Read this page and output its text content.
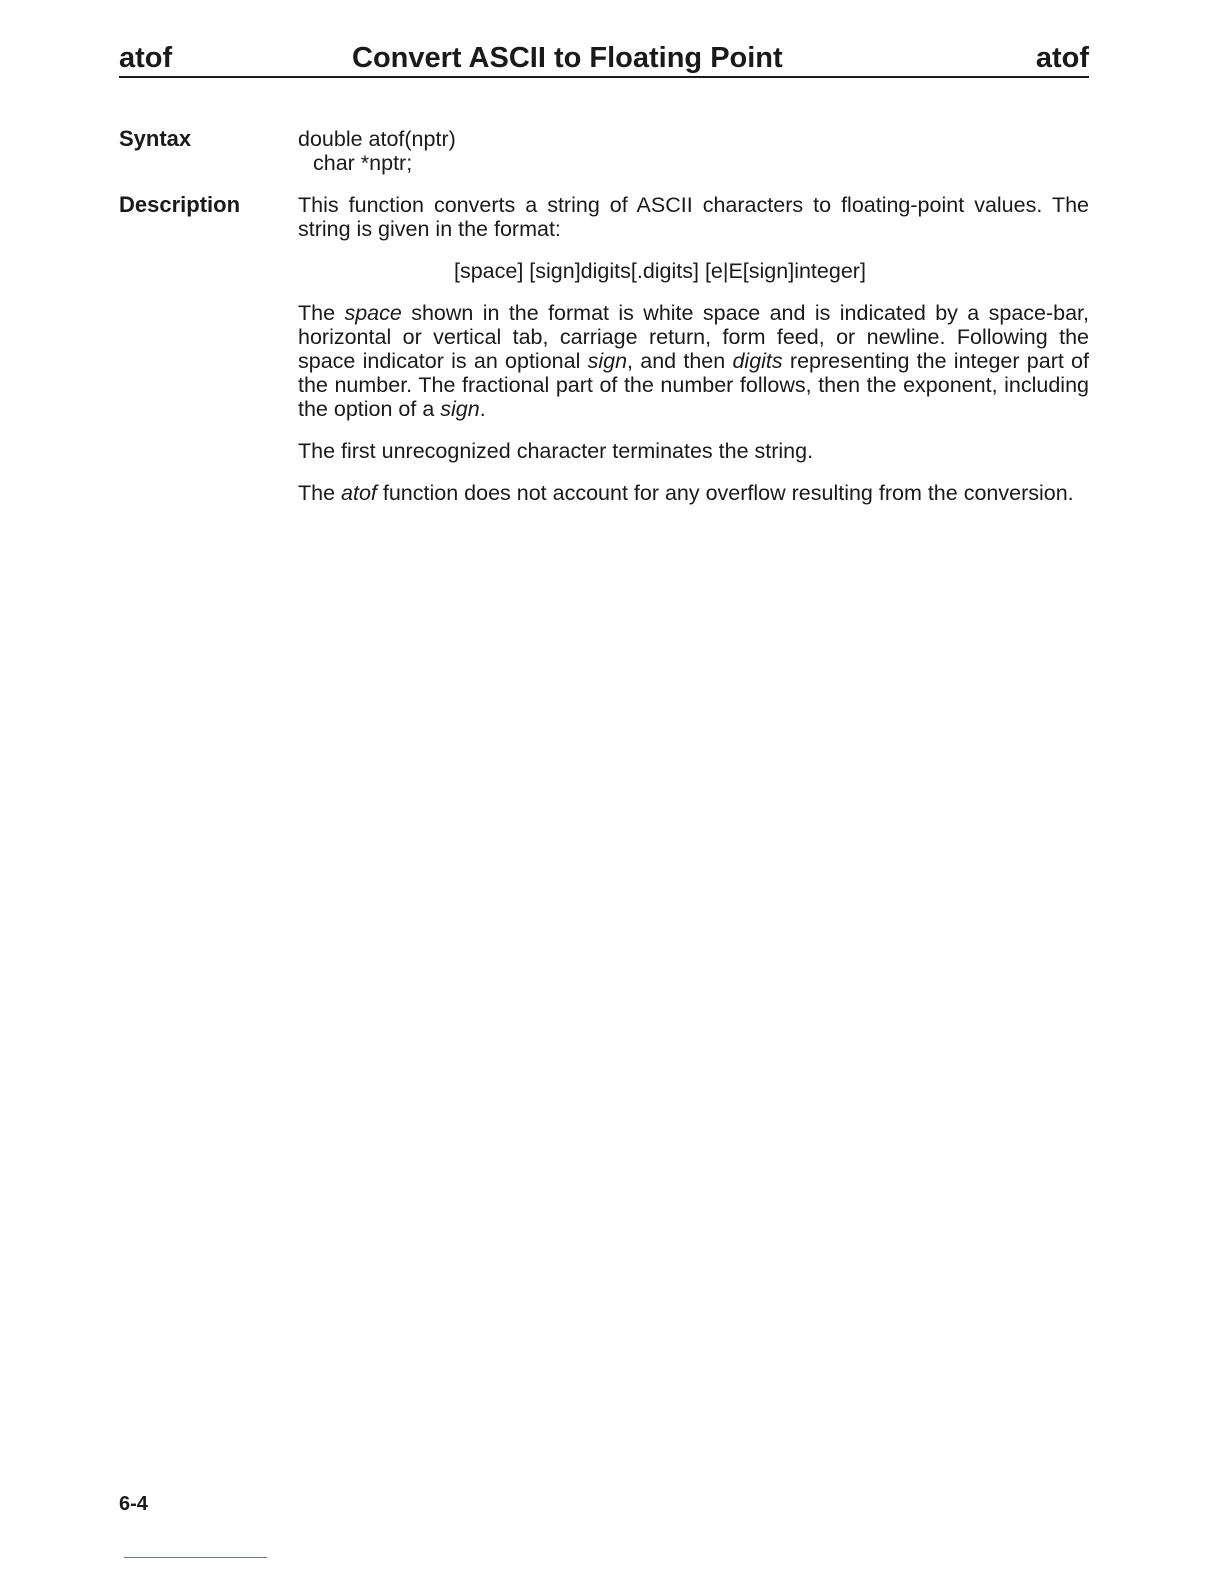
atof	Convert ASCII to Floating Point	atof
Syntax	double atof(nptr)
char *nptr;
Description	This function converts a string of ASCII characters to floating-point values. The string is given in the format:

[space] [sign]digits[.digits] [e|E[sign]integer]

The space shown in the format is white space and is indicated by a space-bar, horizontal or vertical tab, carriage return, form feed, or newline. Following the space indicator is an optional sign, and then digits representing the integer part of the number. The fractional part of the number follows, then the exponent, including the option of a sign.

The first unrecognized character terminates the string.

The atof function does not account for any overflow resulting from the conversion.

6-4
